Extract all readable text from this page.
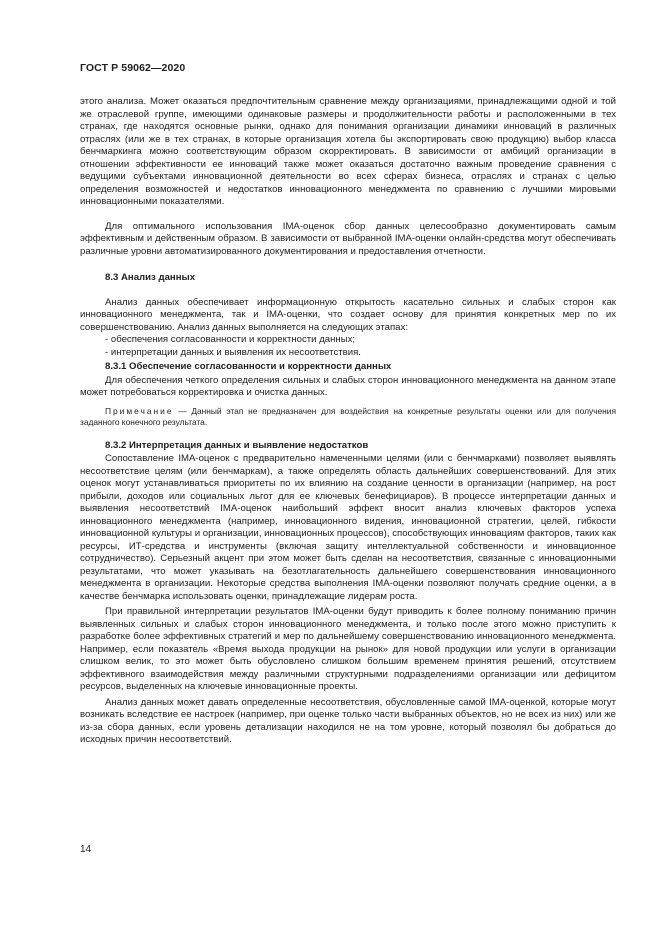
ГОСТ Р 59062—2020

этого анализа. Может оказаться предпочтительным сравнение между организациями, принадлежащими одной и той же отраслевой группе, имеющими одинаковые размеры и продолжительности работы и расположенными в тех странах, где находятся основные рынки, однако для понимания организации динамики инноваций в различных отраслях (или же в тех странах, в которые организация хотела бы экспортировать свою продукцию) выбор класса бенчмаркинга можно соответствующим образом скорректировать. В зависимости от амбиций организации в отношении эффективности ее инноваций также может оказаться достаточно важным проведение сравнения с ведущими субъектами инновационной деятельности во всех сферах бизнеса, отраслях и странах с целью определения возможностей и недостатков инновационного менеджмента по сравнению с лучшими мировыми инновационными показателями.

Для оптимального использования IMA-оценок сбор данных целесообразно документировать самым эффективным и действенным образом. В зависимости от выбранной IMA-оценки онлайн-средства могут обеспечивать различные уровни автоматизированного документирования и предоставления отчетности.

8.3 Анализ данных

Анализ данных обеспечивает информационную открытость касательно сильных и слабых сторон как инновационного менеджмента, так и IMA-оценки, что создает основу для принятия конкретных мер по их совершенствованию. Анализ данных выполняется на следующих этапах:

- обеспечения согласованности и корректности данных;
- интерпретации данных и выявления их несоответствия.
8.3.1 Обеспечение согласованности и корректности данных

Для обеспечения четкого определения сильных и слабых сторон инновационного менеджмента на данном этапе может потребоваться корректировка и очистка данных.

Примечание — Данный этап не предназначен для воздействия на конкретные результаты оценки или для получения заданного конечного результата.

8.3.2 Интерпретация данных и выявление недостатков

Сопоставление IMA-оценок с предварительно намеченными целями (или с бенчмарками) позволяет выявлять несоответствие целям (или бенчмаркам), а также определять область дальнейших совершенствований. Для этих оценок могут устанавливаться приоритеты по их влиянию на создание ценности в организации (например, на рост прибыли, доходов или социальных льгот для ее ключевых бенефициаров). В процессе интерпретации данных и выявления несоответствий IMA-оценок наибольший эффект вносит анализ ключевых факторов успеха инновационного менеджмента (например, инновационного видения, инновационной стратегии, целей, гибкости инновационной культуры и организации, инновационных процессов), способствующих инновациям факторов, таких как ресурсы, ИТ-средства и инструменты (включая защиту интеллектуальной собственности и инновационное сотрудничество). Серьезный акцент при этом может быть сделан на несоответствия, связанные с инновационными результатами, что может указывать на безотлагательность дальнейшего совершенствования инновационного менеджмента в организации. Некоторые средства выполнения IMA-оценки позволяют получать средние оценки, а в качестве бенчмарка использовать оценки, принадлежащие лидерам роста.

При правильной интерпретации результатов IMA-оценки будут приводить к более полному пониманию причин выявленных сильных и слабых сторон инновационного менеджмента, и только после этого можно приступить к разработке более эффективных стратегий и мер по дальнейшему совершенствованию инновационного менеджмента. Например, если показатель «Время выхода продукции на рынок» для новой продукции или услуги в организации слишком велик, то это может быть обусловлено слишком большим временем принятия решений, отсутствием эффективного взаимодействия между различными структурными подразделениями организации или дефицитом ресурсов, выделенных на ключевые инновационные проекты.

Анализ данных может давать определенные несоответствия, обусловленные самой IMA-оценкой, которые могут возникать вследствие ее настроек (например, при оценке только части выбранных объектов, но не всех из них) или же из-за сбора данных, если уровень детализации находился не на том уровне, который позволял бы добраться до исходных причин несоответствий.

14
